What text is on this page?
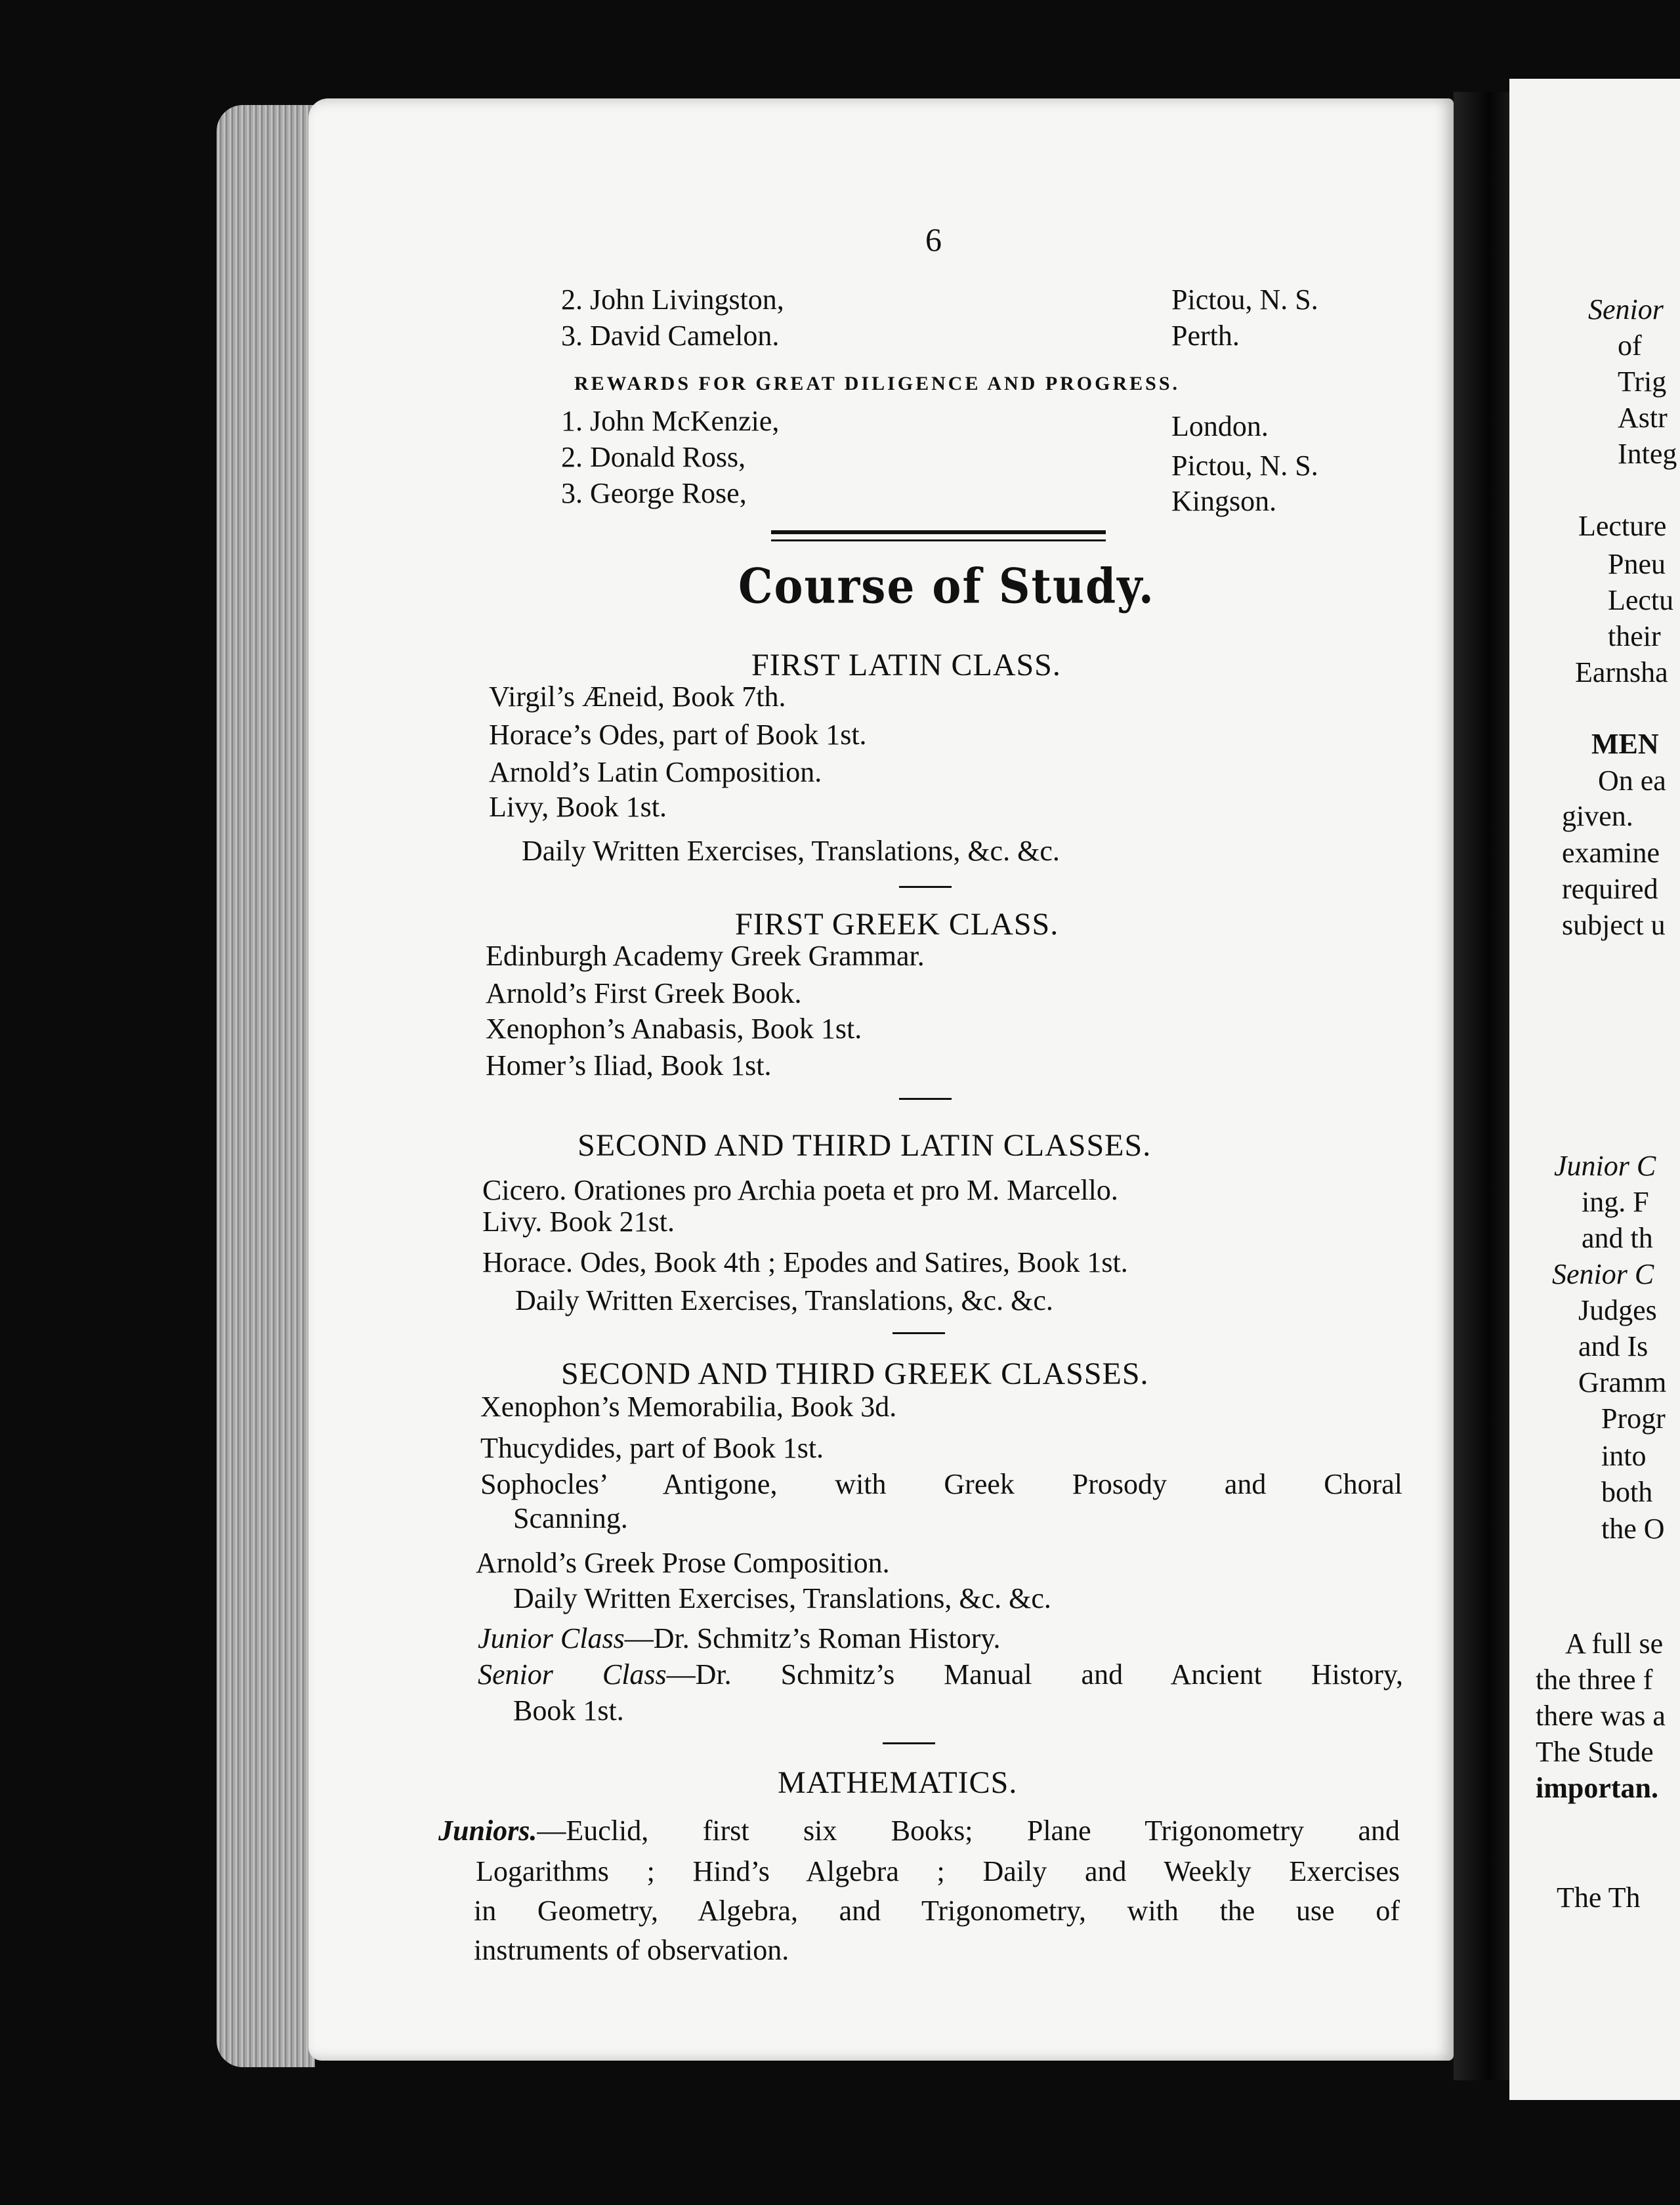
6
2. John Livingston,	Pictou, N. S.
3. David Camelon.	Perth.
REWARDS FOR GREAT DILIGENCE AND PROGRESS.
1. John McKenzie,	London.
2. Donald Ross,	Pictou, N. S.
3. George Rose,	Kingson.
Course of Study.
FIRST LATIN CLASS.
Virgil’s Æneid, Book 7th.
Horace’s Odes, part of Book 1st.
Arnold’s Latin Composition.
Livy, Book 1st.
Daily Written Exercises, Translations, &c. &c.
FIRST GREEK CLASS.
Edinburgh Academy Greek Grammar.
Arnold’s First Greek Book.
Xenophon’s Anabasis, Book 1st.
Homer’s Iliad, Book 1st.
SECOND AND THIRD LATIN CLASSES.
Cicero. Orationes pro Archia poeta et pro M. Marcello.
Livy. Book 21st.
Horace. Odes, Book 4th ; Epodes and Satires, Book 1st.
Daily Written Exercises, Translations, &c. &c.
SECOND AND THIRD GREEK CLASSES.
Xenophon’s Memorabilia, Book 3d.
Thucydides, part of Book 1st.
Sophocles’ Antigone, with Greek Prosody and Choral
Scanning.
Arnold’s Greek Prose Composition.
Daily Written Exercises, Translations, &c. &c.
Junior Class—Dr. Schmitz’s Roman History.
Senior Class—Dr. Schmitz’s Manual and Ancient History,
Book 1st.
MATHEMATICS.
Juniors.—Euclid, first six Books; Plane Trigonometry and
Logarithms ; Hind’s Algebra ; Daily and Weekly Exercises
in Geometry, Algebra, and Trigonometry, with the use of
instruments of observation.
Senior
of
Trig
Astr
Integ
Lecture
Pneu
Lectu
their
Earnsha
MEN
On ea
given.
examine
required
subject u
Junior C
ing. F
and th
Senior C
Judges
and Is
Gramm
Progr
into
both
the O
A full se
the three f
there was a
The Stude
importan.
The Th
